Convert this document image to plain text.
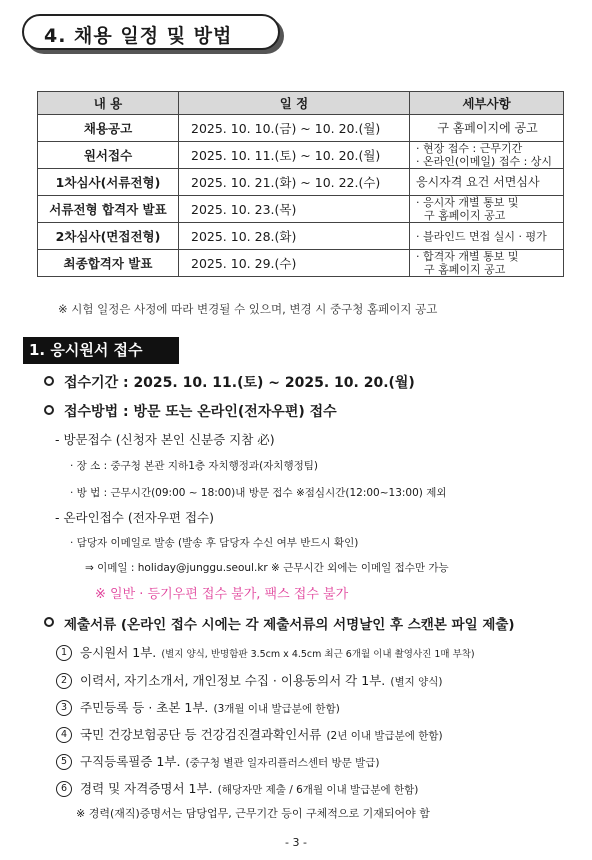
4. 채용 일정 및 방법
내 용	일 정	세부사항
채용공고	2025. 10. 10.(금) ~ 10. 20.(월)	구 홈페이지에 공고

원서접수	2025. 10. 11.(토) ~ 10. 20.(월)	· 현장 접수 : 근무기간
· 온라인(이메일) 접수 : 상시

1차심사(서류전형)	2025. 10. 21.(화) ~ 10. 22.(수)	응시자격 요건 서면심사

서류전형 합격자 발표	2025. 10. 23.(목)	· 응시자 개별 통보 및
구 홈페이지 공고

2차심사(면접전형)	2025. 10. 28.(화)	· 블라인드 면접 실시 · 평가

최종합격자 발표	2025. 10. 29.(수)	· 합격자 개별 통보 및
구 홈페이지 공고
※ 시험 일정은 사정에 따라 변경될 수 있으며, 변경 시 중구청 홈페이지 공고
1. 응시원서 접수
접수기간 : 2025. 10. 11.(토) ~ 2025. 10. 20.(월)
접수방법 : 방문 또는 온라인(전자우편) 접수
- 방문접수 (신청자 본인 신분증 지참 必)
· 장 소 : 중구청 본관 지하1층 자치행정과(자치행정팀)
· 방 법 : 근무시간(09:00 ~ 18:00)내 방문 접수 ※점심시간(12:00~13:00) 제외
- 온라인접수 (전자우편 접수)
· 담당자 이메일로 발송 (발송 후 담당자 수신 여부 반드시 확인)
⇒ 이메일 : holiday@junggu.seoul.kr ※ 근무시간 외에는 이메일 접수만 가능
※ 일반 · 등기우편 접수 불가, 팩스 접수 불가
제출서류 (온라인 접수 시에는 각 제출서류의 서명날인 후 스캔본 파일 제출)
1 응시원서 1부. (별지 양식, 반명함판 3.5cm x 4.5cm 최근 6개월 이내 촬영사진 1매 부착)
2 이력서, 자기소개서, 개인정보 수집 · 이용동의서 각 1부. (별지 양식)
3 주민등록 등 · 초본 1부. (3개월 이내 발급분에 한함)
4 국민 건강보험공단 등 건강검진결과확인서류 (2년 이내 발급분에 한함)
5 구직등록필증 1부. (중구청 별관 일자리플러스센터 방문 발급)
6 경력 및 자격증명서 1부. (해당자만 제출 / 6개월 이내 발급분에 한함)
※ 경력(재직)증명서는 담당업무, 근무기간 등이 구체적으로 기재되어야 함
- 3 -
